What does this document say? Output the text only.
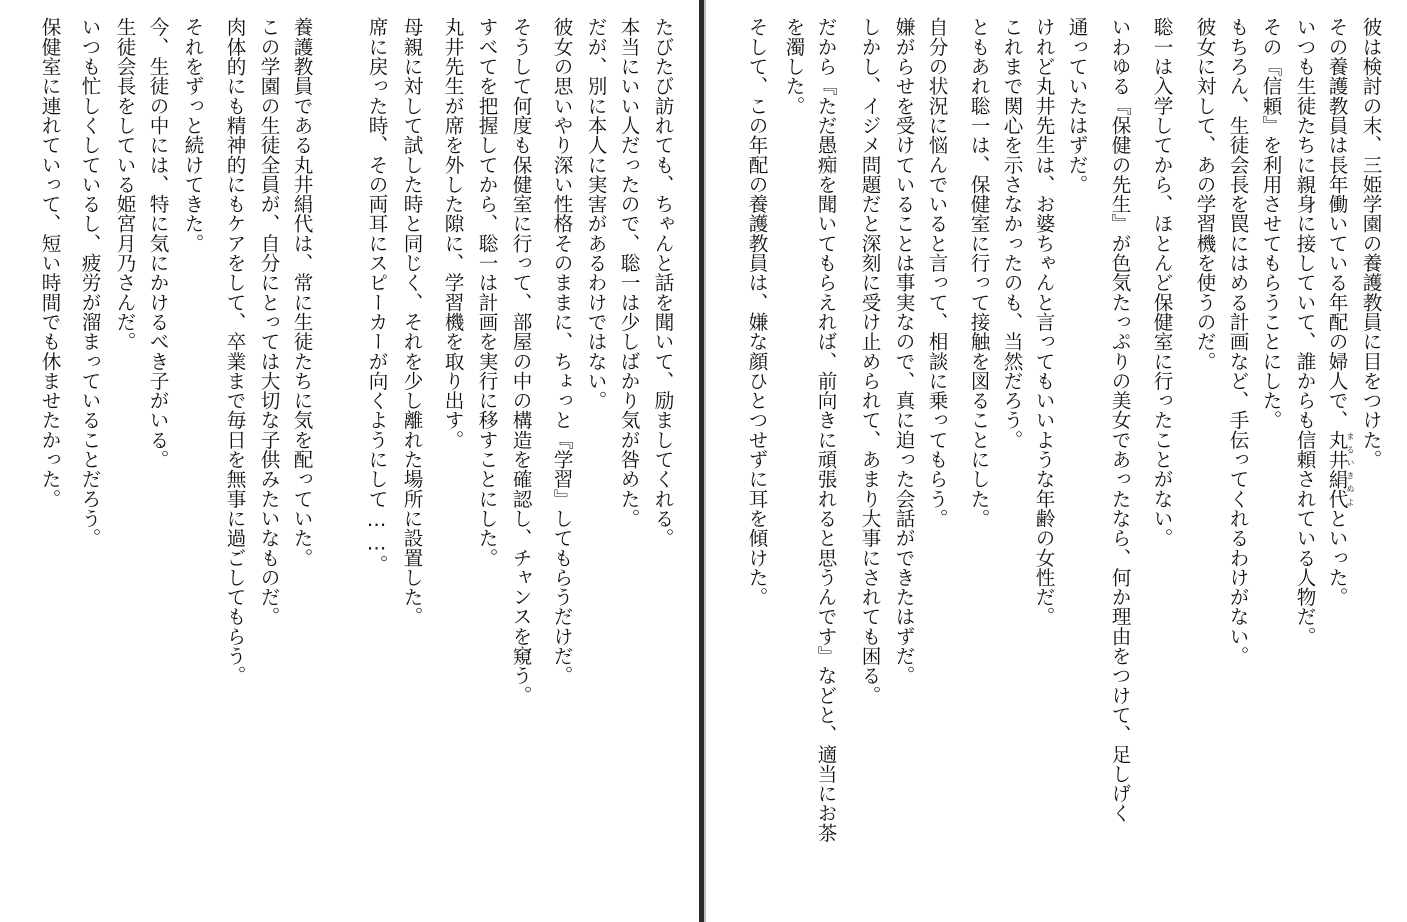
彼は検討の末、三姫学園の養護教員に目をつけた。
その養護教員は長年働いている年配の婦人で、丸井絹代まるいきぬよといった。
いつも生徒たちに親身に接していて、誰からも信頼されている人物だ。
その『信頼』を利用させてもらうことにした。
もちろん、生徒会長を罠にはめる計画など、手伝ってくれるわけがない。
彼女に対して、あの学習機を使うのだ。
聡一は入学してから、ほとんど保健室に行ったことがない。
いわゆる『保健の先生』が色気たっぷりの美女であったなら、何か理由をつけて、足しげく
通っていたはずだ。
けれど丸井先生は、お婆ちゃんと言ってもいいような年齢の女性だ。
これまで関心を示さなかったのも、当然だろう。
ともあれ聡一は、保健室に行って接触を図ることにした。
自分の状況に悩んでいると言って、相談に乗ってもらう。
嫌がらせを受けていることは事実なので、真に迫った会話ができたはずだ。
しかし、イジメ問題だと深刻に受け止められて、あまり大事にされても困る。
だから『ただ愚痴を聞いてもらえれば、前向きに頑張れると思うんです』などと、適当にお茶
を濁した。
そして、この年配の養護教員は、嫌な顔ひとつせずに耳を傾けた。
たびたび訪れても、ちゃんと話を聞いて、励ましてくれる。
本当にいい人だったので、聡一は少しばかり気が咎めた。
だが、別に本人に実害があるわけではない。
彼女の思いやり深い性格そのままに、ちょっと『学習』してもらうだけだ。
そうして何度も保健室に行って、部屋の中の構造を確認し、チャンスを窺う。
すべてを把握してから、聡一は計画を実行に移すことにした。
丸井先生が席を外した隙に、学習機を取り出す。
母親に対して試した時と同じく、それを少し離れた場所に設置した。
席に戻った時、その両耳にスピーカーが向くようにして……。
養護教員である丸井絹代は、常に生徒たちに気を配っていた。
この学園の生徒全員が、自分にとっては大切な子供みたいなものだ。
肉体的にも精神的にもケアをして、卒業まで毎日を無事に過ごしてもらう。
それをずっと続けてきた。
今、生徒の中には、特に気にかけるべき子がいる。
生徒会長をしている姫宮月乃さんだ。
いつも忙しくしているし、疲労が溜まっていることだろう。
保健室に連れていって、短い時間でも休ませたかった。
